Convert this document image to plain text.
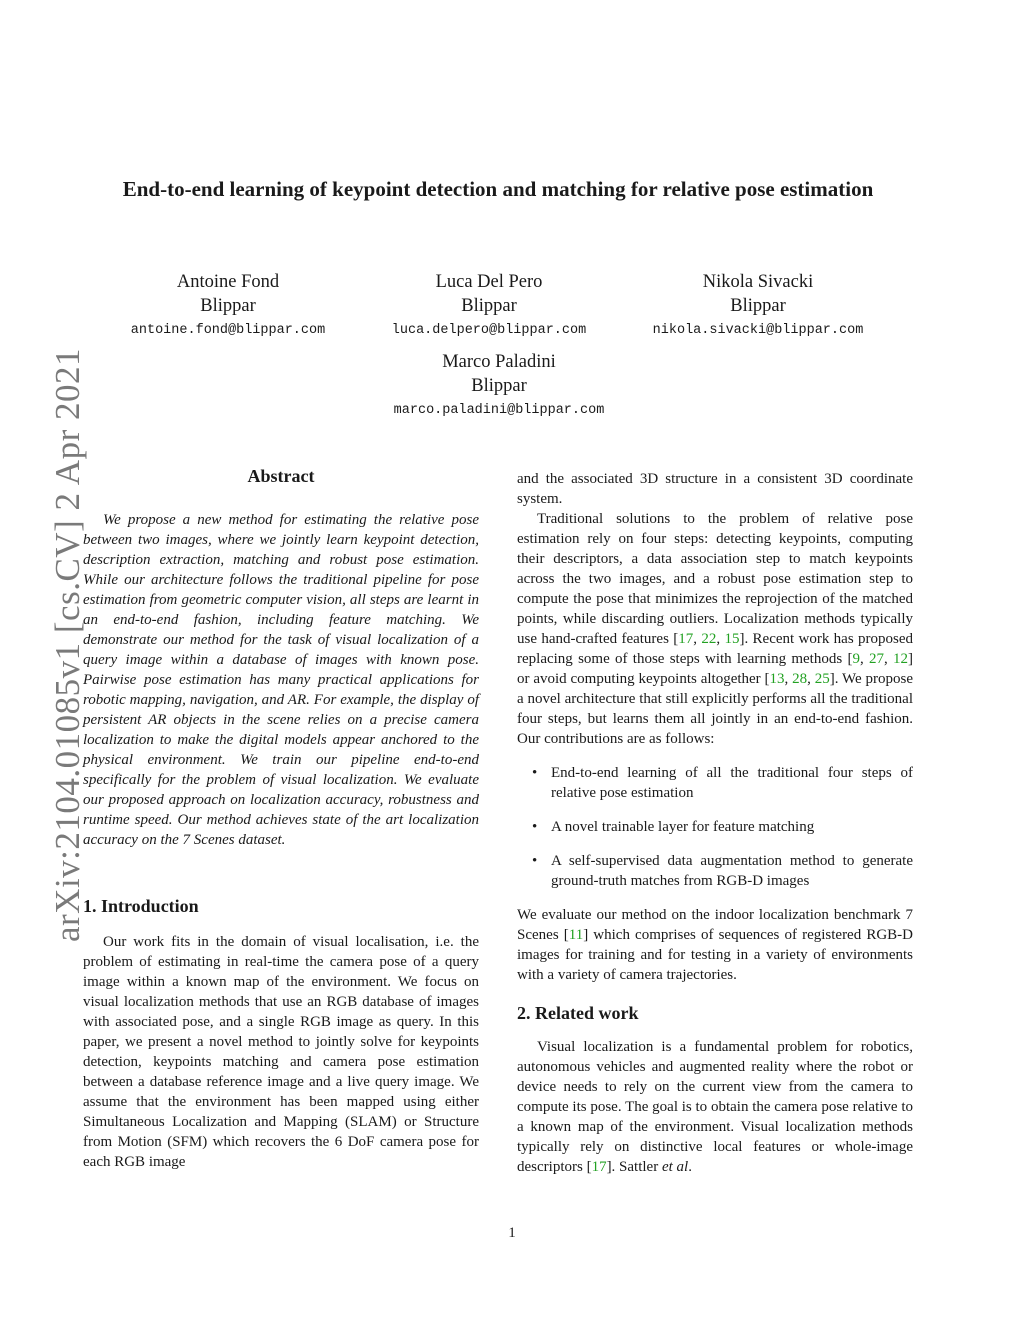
arXiv:2104.01085v1 [cs.CV] 2 Apr 2021
End-to-end learning of keypoint detection and matching for relative pose estimation
Antoine Fond
Blippar
antoine.fond@blippar.com
Luca Del Pero
Blippar
luca.delpero@blippar.com
Nikola Sivacki
Blippar
nikola.sivacki@blippar.com
Marco Paladini
Blippar
marco.paladini@blippar.com
Abstract

We propose a new method for estimating the relative pose between two images, where we jointly learn keypoint detection, description extraction, matching and robust pose estimation. While our architecture follows the traditional pipeline for pose estimation from geometric computer vision, all steps are learnt in an end-to-end fashion, including feature matching. We demonstrate our method for the task of visual localization of a query image within a database of images with known pose. Pairwise pose estimation has many practical applications for robotic mapping, navigation, and AR. For example, the display of persistent AR objects in the scene relies on a precise camera localization to make the digital models appear anchored to the physical environment. We train our pipeline end-to-end specifically for the problem of visual localization. We evaluate our proposed approach on localization accuracy, robustness and runtime speed. Our method achieves state of the art localization accuracy on the 7 Scenes dataset.

1. Introduction

Our work fits in the domain of visual localisation, i.e. the problem of estimating in real-time the camera pose of a query image within a known map of the environment. We focus on visual localization methods that use an RGB database of images with associated pose, and a single RGB image as query. In this paper, we present a novel method to jointly solve for keypoints detection, keypoints matching and camera pose estimation between a database reference image and a live query image. We assume that the environment has been mapped using either Simultaneous Localization and Mapping (SLAM) or Structure from Motion (SFM) which recovers the 6 DoF camera pose for each RGB image

and the associated 3D structure in a consistent 3D coordinate system.

Traditional solutions to the problem of relative pose estimation rely on four steps: detecting keypoints, computing their descriptors, a data association step to match keypoints across the two images, and a robust pose estimation step to compute the pose that minimizes the reprojection of the matched points, while discarding outliers. Localization methods typically use hand-crafted features [17, 22, 15]. Recent work has proposed replacing some of those steps with learning methods [9, 27, 12] or avoid computing keypoints altogether [13, 28, 25]. We propose a novel architecture that still explicitly performs all the traditional four steps, but learns them all jointly in an end-to-end fashion. Our contributions are as follows:

• End-to-end learning of all the traditional four steps of relative pose estimation
• A novel trainable layer for feature matching
• A self-supervised data augmentation method to generate ground-truth matches from RGB-D images

We evaluate our method on the indoor localization benchmark 7 Scenes [11] which comprises of sequences of registered RGB-D images for training and for testing in a variety of environments with a variety of camera trajectories.

2. Related work

Visual localization is a fundamental problem for robotics, autonomous vehicles and augmented reality where the robot or device needs to rely on the current view from the camera to compute its pose. The goal is to obtain the camera pose relative to a known map of the environment. Visual localization methods typically rely on distinctive local features or whole-image descriptors [17]. Sattler et al.

1
